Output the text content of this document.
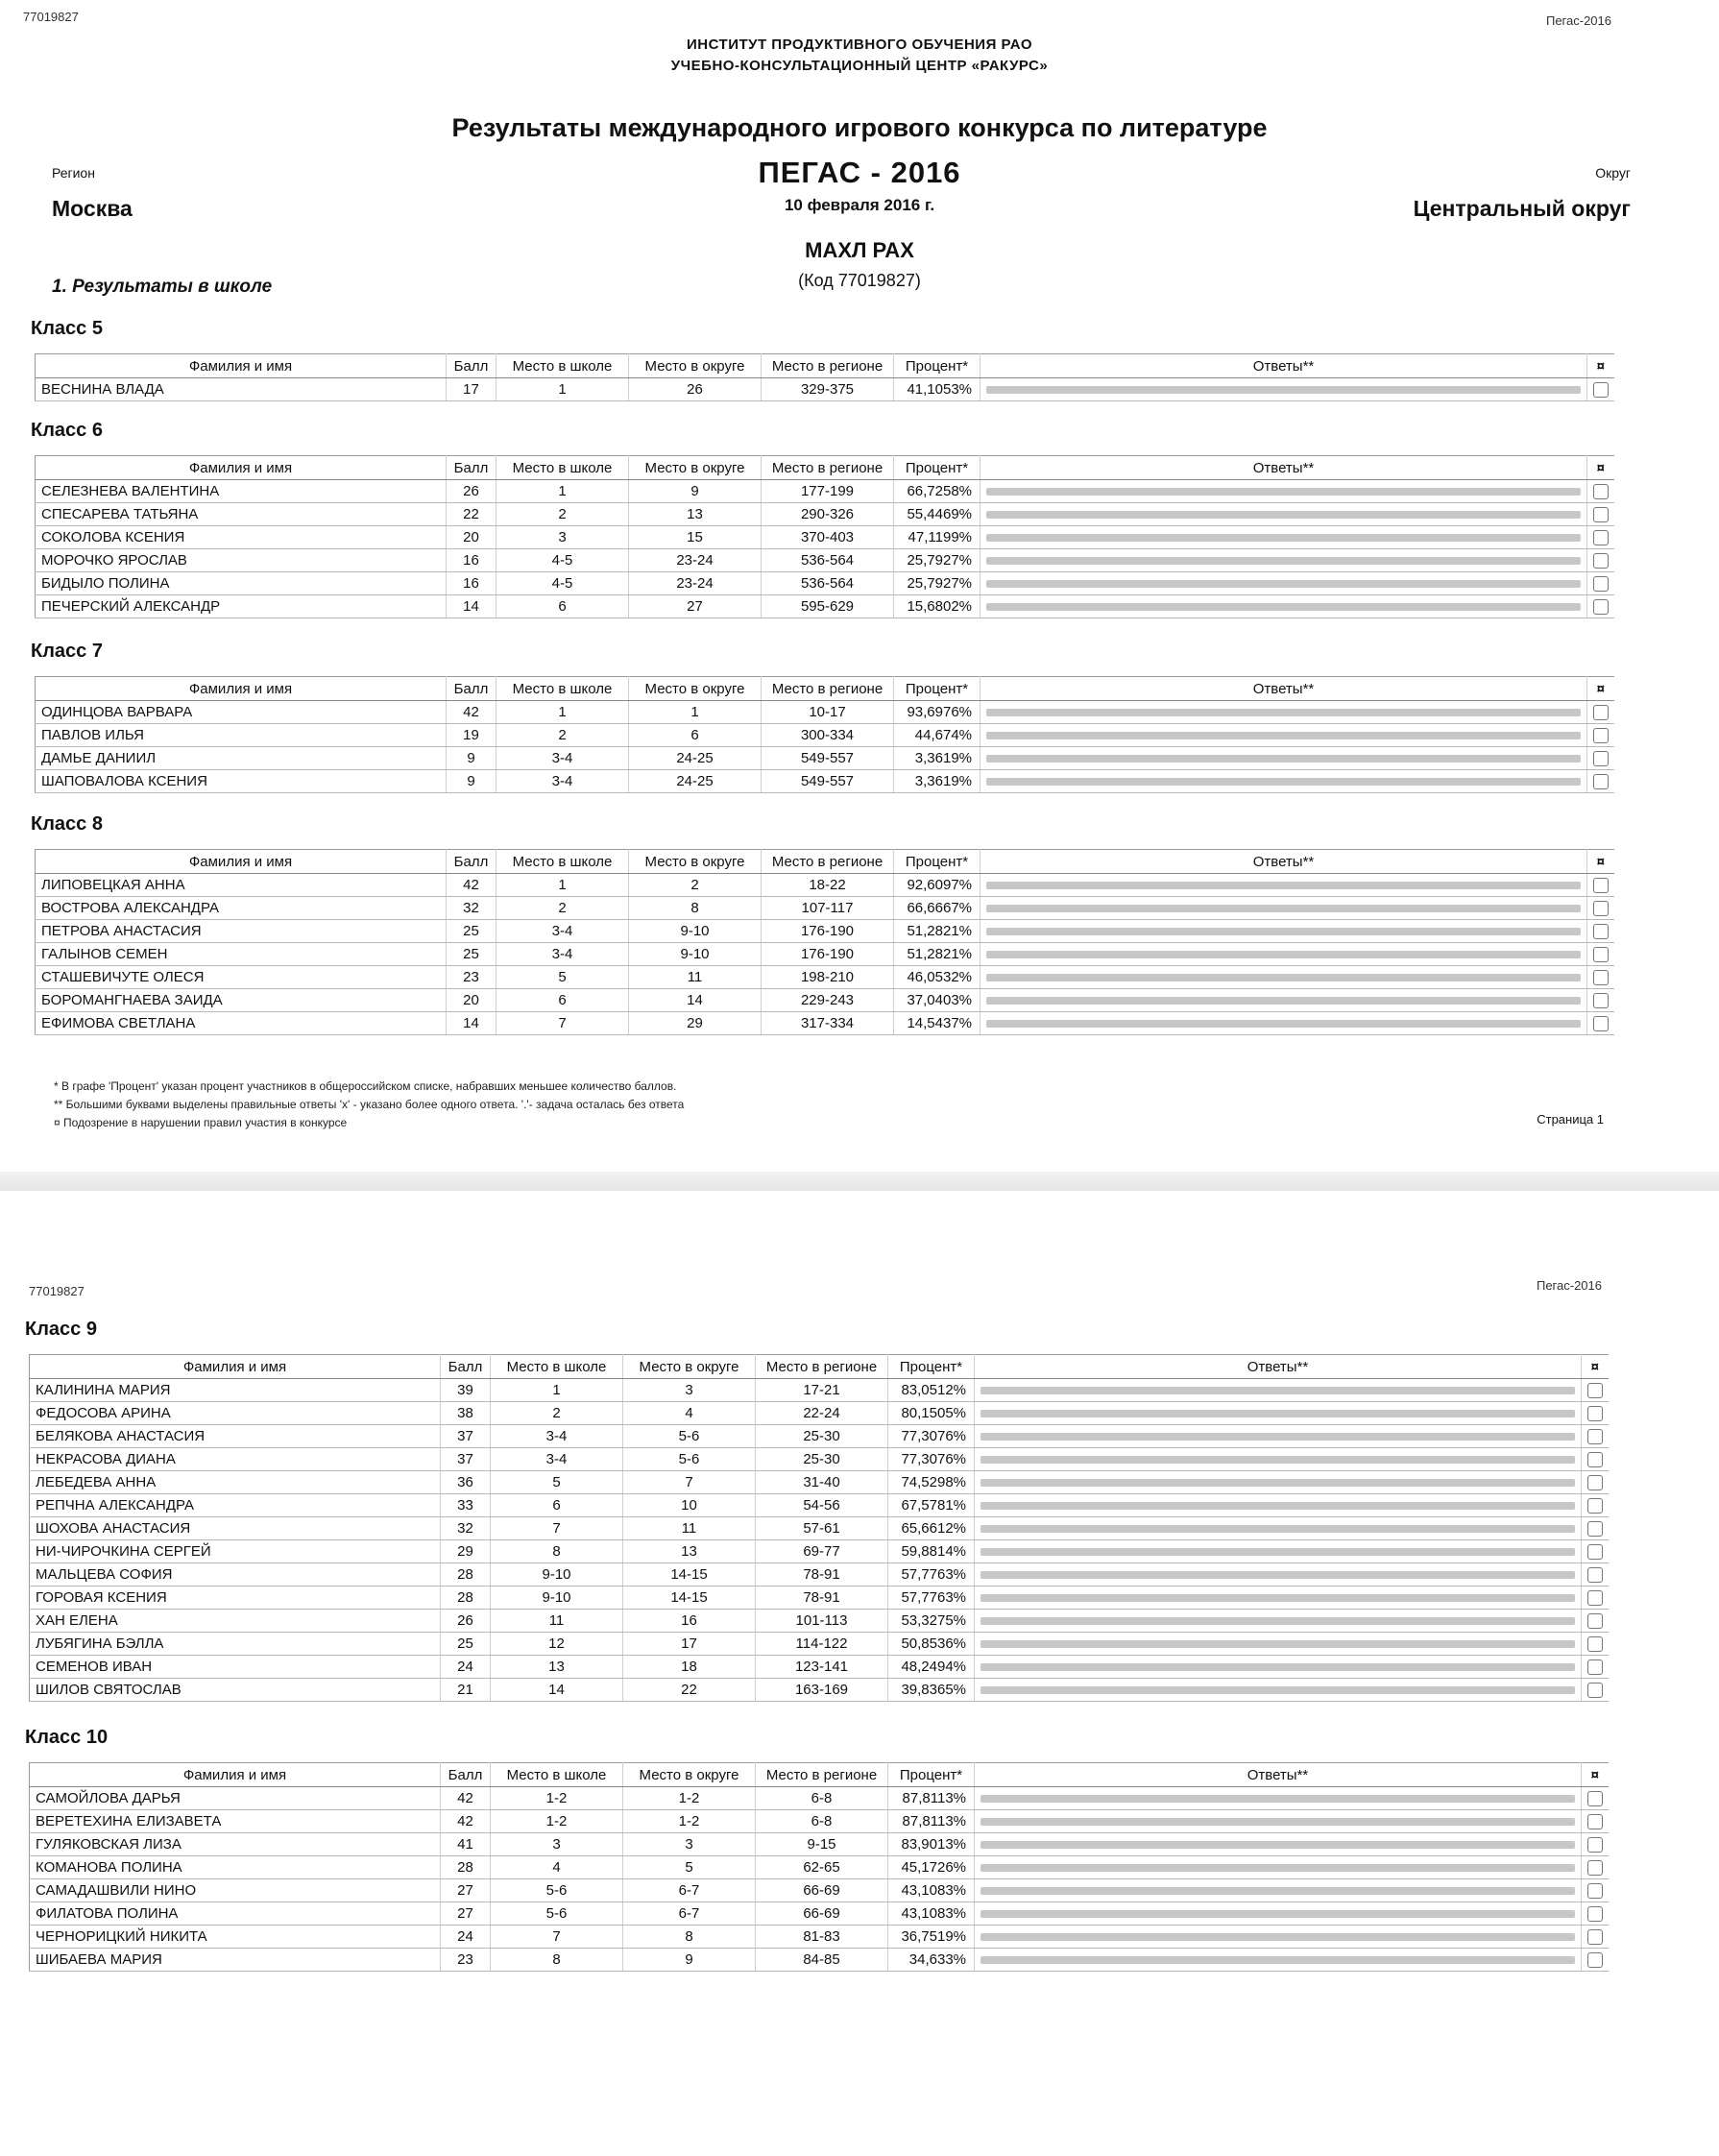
77019827	Пегас-2016
ИНСТИТУТ ПРОДУКТИВНОГО ОБУЧЕНИЯ РАО
УЧЕБНО-КОНСУЛЬТАЦИОННЫЙ ЦЕНТР «РАКУРС»
Результаты международного игрового конкурса по литературе
ПЕГАС - 2016
10 февраля 2016 г.
Регион
Москва
Округ
Центральный округ
МАХЛ РАХ
(Код 77019827)
1. Результаты в школе
77019827	Пегас-2016
Класс 5
Фамилия и имя	Балл	Место в школе	Место в округе	Место в регионе	Процент*	Ответы**	¤
ВЕСНИНА ВЛАДА	17	1	26	329-375	41,1053%	

Класс 6
Фамилия и имя	Балл	Место в школе	Место в округе	Место в регионе	Процент*	Ответы**	¤
СЕЛЕЗНЕВА ВАЛЕНТИНА	26	1	9	177-199	66,7258%	

СПЕСАРЕВА ТАТЬЯНА	22	2	13	290-326	55,4469%	

СОКОЛОВА КСЕНИЯ	20	3	15	370-403	47,1199%	

МОРОЧКО ЯРОСЛАВ	16	4-5	23-24	536-564	25,7927%	

БИДЫЛО ПОЛИНА	16	4-5	23-24	536-564	25,7927%	

ПЕЧЕРСКИЙ АЛЕКСАНДР	14	6	27	595-629	15,6802%	

Класс 7
Фамилия и имя	Балл	Место в школе	Место в округе	Место в регионе	Процент*	Ответы**	¤
ОДИНЦОВА ВАРВАРА	42	1	1	10-17	93,6976%	

ПАВЛОВ ИЛЬЯ	19	2	6	300-334	44,674%	

ДАМЬЕ ДАНИИЛ	9	3-4	24-25	549-557	3,3619%	

ШАПОВАЛОВА КСЕНИЯ	9	3-4	24-25	549-557	3,3619%	

Класс 8
Фамилия и имя	Балл	Место в школе	Место в округе	Место в регионе	Процент*	Ответы**	¤
ЛИПОВЕЦКАЯ АННА	42	1	2	18-22	92,6097%	

ВОСТРОВА АЛЕКСАНДРА	32	2	8	107-117	66,6667%	

ПЕТРОВА АНАСТАСИЯ	25	3-4	9-10	176-190	51,2821%	

ГАЛЫНОВ СЕМЕН	25	3-4	9-10	176-190	51,2821%	

СТАШЕВИЧУТЕ ОЛЕСЯ	23	5	11	198-210	46,0532%	

БОРОМАНГНАЕВА ЗАИДА	20	6	14	229-243	37,0403%	

ЕФИМОВА СВЕТЛАНА	14	7	29	317-334	14,5437%	

Класс 9
Фамилия и имя	Балл	Место в школе	Место в округе	Место в регионе	Процент*	Ответы**	¤
КАЛИНИНА МАРИЯ	39	1	3	17-21	83,0512%	

ФЕДОСОВА АРИНА	38	2	4	22-24	80,1505%	

БЕЛЯКОВА АНАСТАСИЯ	37	3-4	5-6	25-30	77,3076%	

НЕКРАСОВА ДИАНА	37	3-4	5-6	25-30	77,3076%	

ЛЕБЕДЕВА АННА	36	5	7	31-40	74,5298%	

РЕПЧНА АЛЕКСАНДРА	33	6	10	54-56	67,5781%	

ШОХОВА АНАСТАСИЯ	32	7	11	57-61	65,6612%	

НИ-ЧИРОЧКИНА СЕРГЕЙ	29	8	13	69-77	59,8814%	

МАЛЬЦЕВА СОФИЯ	28	9-10	14-15	78-91	57,7763%	

ГОРОВАЯ КСЕНИЯ	28	9-10	14-15	78-91	57,7763%	

ХАН ЕЛЕНА	26	11	16	101-113	53,3275%	

ЛУБЯГИНА БЭЛЛА	25	12	17	114-122	50,8536%	

СЕМЕНОВ ИВАН	24	13	18	123-141	48,2494%	

ШИЛОВ СВЯТОСЛАВ	21	14	22	163-169	39,8365%	

Класс 10
Фамилия и имя	Балл	Место в школе	Место в округе	Место в регионе	Процент*	Ответы**	¤
САМОЙЛОВА ДАРЬЯ	42	1-2	1-2	6-8	87,8113%	

ВЕРЕТЕХИНА ЕЛИЗАВЕТА	42	1-2	1-2	6-8	87,8113%	

ГУЛЯКОВСКАЯ ЛИЗА	41	3	3	9-15	83,9013%	

КОМАНОВА ПОЛИНА	28	4	5	62-65	45,1726%	

САМАДАШВИЛИ НИНО	27	5-6	6-7	66-69	43,1083%	

ФИЛАТОВА ПОЛИНА	27	5-6	6-7	66-69	43,1083%	

ЧЕРНОРИЦКИЙ НИКИТА	24	7	8	81-83	36,7519%	

ШИБАЕВА МАРИЯ	23	8	9	84-85	34,633%	

* В графе 'Процент' указан процент участников в общероссийском списке, набравших меньшее количество баллов.
** Большими буквами выделены правильные ответы 'x' - указано более одного ответа. '.'- задача осталась без ответа
¤ Подозрение в нарушении правил участия в конкурсе	Страница 1
